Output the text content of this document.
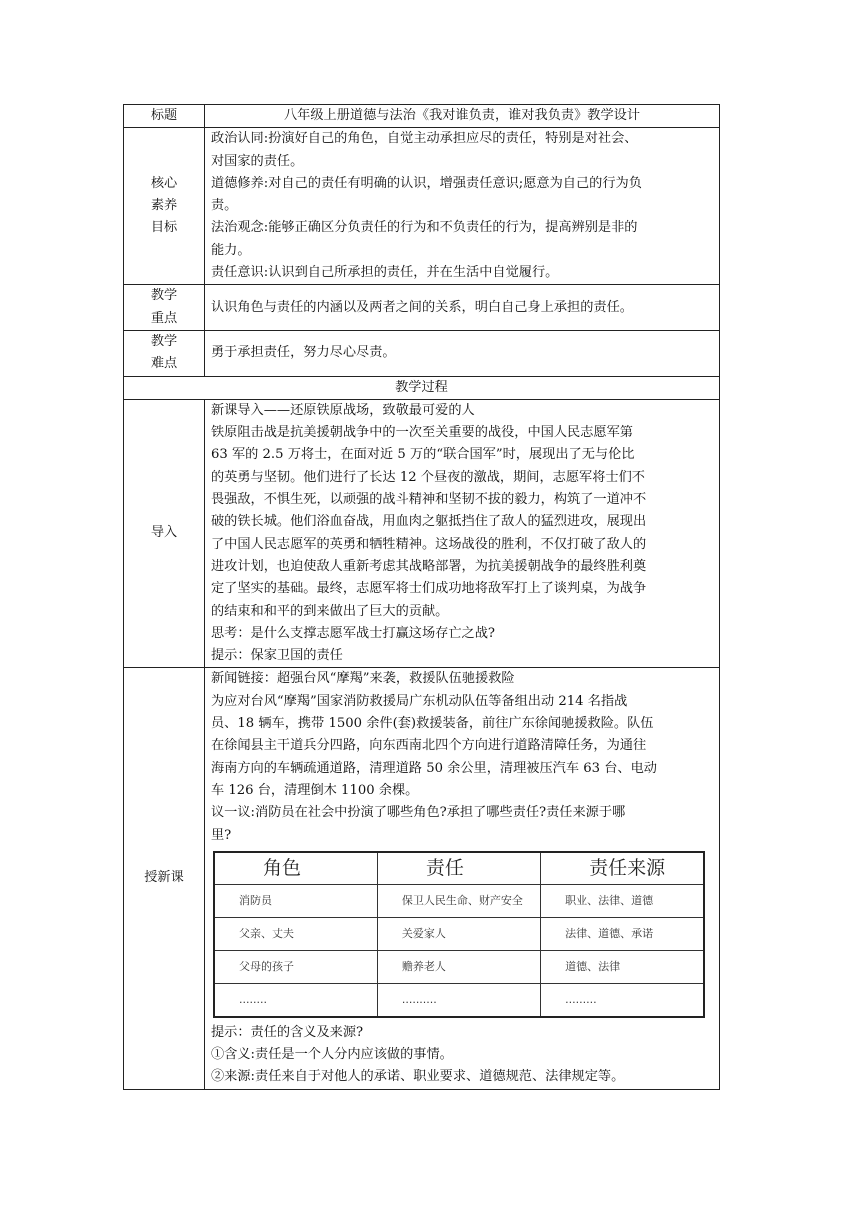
标题	八年级上册道德与法治《我对谁负责，谁对我负责》教学设计

核心
素养
目标

政治认同:扮演好自己的角色，自觉主动承担应尽的责任，特别是对社会、
对国家的责任。
道德修养:对自己的责任有明确的认识，增强责任意识;愿意为自己的行为负
责。
法治观念:能够正确区分负责任的行为和不负责任的行为，提高辨别是非的
能力。
责任意识:认识到自己所承担的责任，并在生活中自觉履行。

教学
重点
	认识角色与责任的内涵以及两者之间的关系，明白自己身上承担的责任。

教学
难点
	勇于承担责任，努力尽心尽责。
教学过程
导入	
新课导入——还原铁原战场，致敬最可爱的人
铁原阻击战是抗美援朝战争中的一次至关重要的战役，中国人民志愿军第
63 军的 2.5 万将士，在面对近 5 万的“联合国军”时，展现出了无与伦比
的英勇与坚韧。他们进行了长达 12 个昼夜的激战，期间，志愿军将士们不
畏强敌，不惧生死，以顽强的战斗精神和坚韧不拔的毅力，构筑了一道冲不
破的铁长城。他们浴血奋战，用血肉之躯抵挡住了敌人的猛烈进攻，展现出
了中国人民志愿军的英勇和牺牲精神。这场战役的胜利，不仅打破了敌人的
进攻计划，也迫使敌人重新考虑其战略部署，为抗美援朝战争的最终胜利奠
定了坚实的基础。最终，志愿军将士们成功地将敌军打上了谈判桌，为战争
的结束和和平的到来做出了巨大的贡献。
思考：是什么支撑志愿军战士打赢这场存亡之战?
提示：保家卫国的责任

授新课	
新闻链接：超强台风“摩羯”来袭，救援队伍驰援救险
为应对台风“摩羯”国家消防救援局广东机动队伍等备组出动 214 名指战
员、18 辆车，携带 1500 余件(套)救援装备，前往广东徐闻驰援救险。队伍
在徐闻县主干道兵分四路，向东西南北四个方向进行道路清障任务，为通往
海南方向的车辆疏通道路，清理道路 50 余公里，清理被压汽车 63 台、电动
车 126 台，清理倒木 1100 余棵。
议一议:消防员在社会中扮演了哪些角色?承担了哪些责任?责任来源于哪
里?
角色	责任	责任来源
消防员	保卫人民生命、财产安全	职业、法律、道德
父亲、丈夫	关爱家人	法律、道德、承诺
父母的孩子	赡养老人	道德、法律
........	..........	.........
提示：责任的含义及来源?
①含义:责任是一个人分内应该做的事情。
②来源:责任来自于对他人的承诺、职业要求、道德规范、法律规定等。
